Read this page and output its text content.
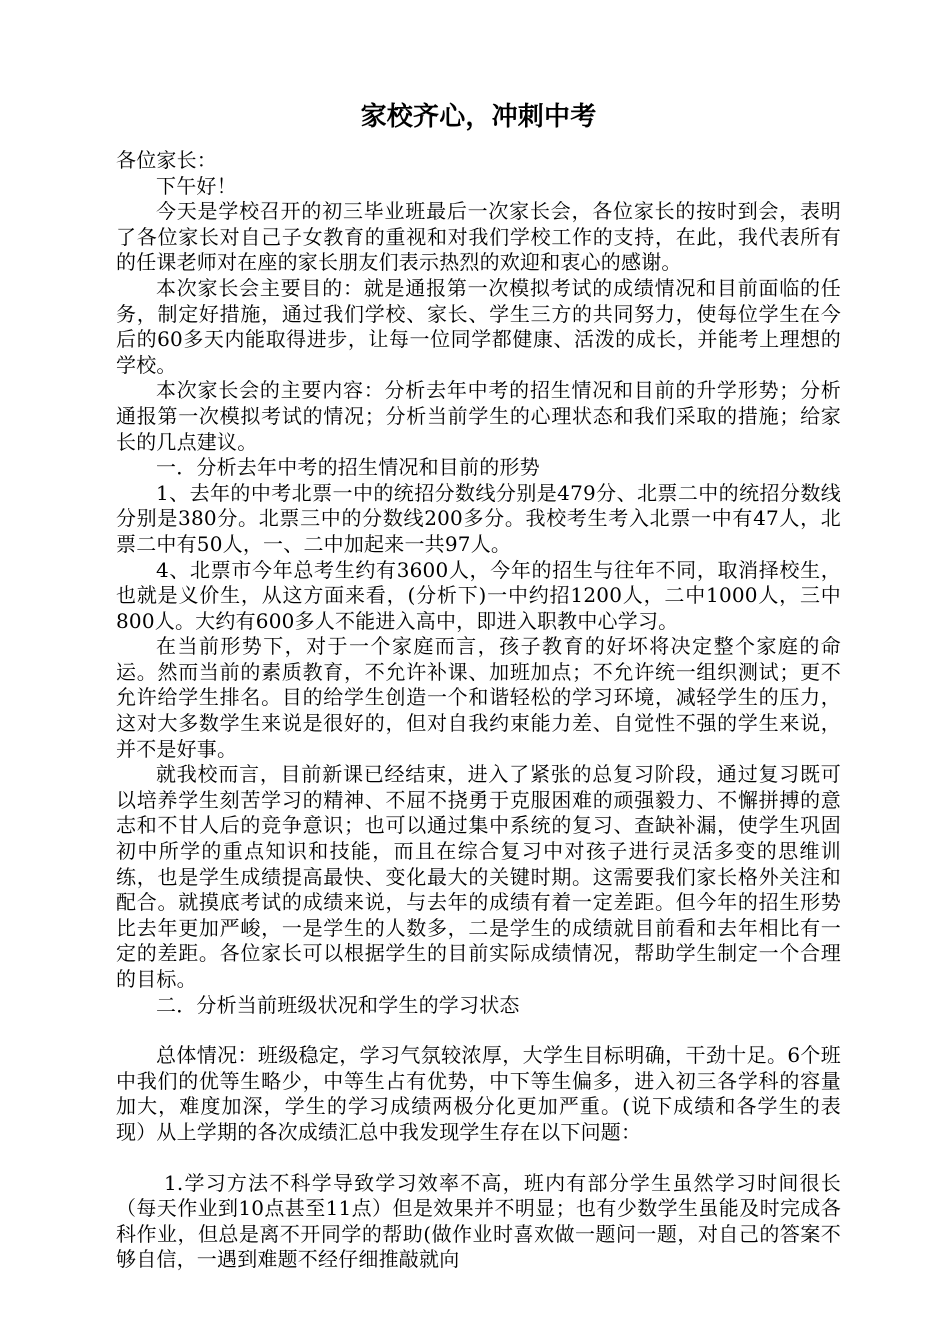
家校齐心，冲刺中考

各位家长：

下午好！

今天是学校召开的初三毕业班最后一次家长会，各位家长的按时到会，表明了各位家长对自己子女教育的重视和对我们学校工作的支持，在此，我代表所有的任课老师对在座的家长朋友们表示热烈的欢迎和衷心的感谢。

本次家长会主要目的：就是通报第一次模拟考试的成绩情况和目前面临的任务，制定好措施，通过我们学校、家长、学生三方的共同努力，使每位学生在今后的60多天内能取得进步，让每一位同学都健康、活泼的成长，并能考上理想的学校。

本次家长会的主要内容：分析去年中考的招生情况和目前的升学形势；分析通报第一次模拟考试的情况；分析当前学生的心理状态和我们采取的措施；给家长的几点建议。

一．分析去年中考的招生情况和目前的形势

1、去年的中考北票一中的统招分数线分别是479分、北票二中的统招分数线分别是380分。北票三中的分数线200多分。我校考生考入北票一中有47人，北票二中有50人，一、二中加起来一共97人。

4、北票市今年总考生约有3600人，今年的招生与往年不同，取消择校生，也就是义价生，从这方面来看，(分析下)一中约招1200人，二中1000人，三中800人。大约有600多人不能进入高中，即进入职教中心学习。

在当前形势下，对于一个家庭而言，孩子教育的好坏将决定整个家庭的命运。然而当前的素质教育，不允许补课、加班加点；不允许统一组织测试；更不允许给学生排名。目的给学生创造一个和谐轻松的学习环境，减轻学生的压力，这对大多数学生来说是很好的，但对自我约束能力差、自觉性不强的学生来说，并不是好事。

就我校而言，目前新课已经结束，进入了紧张的总复习阶段，通过复习既可以培养学生刻苦学习的精神、不屈不挠勇于克服困难的顽强毅力、不懈拼搏的意志和不甘人后的竞争意识；也可以通过集中系统的复习、查缺补漏，使学生巩固初中所学的重点知识和技能，而且在综合复习中对孩子进行灵活多变的思维训练，也是学生成绩提高最快、变化最大的关键时期。这需要我们家长格外关注和配合。就摸底考试的成绩来说，与去年的成绩有着一定差距。但今年的招生形势比去年更加严峻，一是学生的人数多，二是学生的成绩就目前看和去年相比有一定的差距。各位家长可以根据学生的目前实际成绩情况，帮助学生制定一个合理的目标。

二．分析当前班级状况和学生的学习状态

总体情况：班级稳定，学习气氛较浓厚，大学生目标明确，干劲十足。6个班中我们的优等生略少，中等生占有优势，中下等生偏多，进入初三各学科的容量加大，难度加深，学生的学习成绩两极分化更加严重。(说下成绩和各学生的表现）从上学期的各次成绩汇总中我发现学生存在以下问题：

1.学习方法不科学导致学习效率不高，班内有部分学生虽然学习时间很长（每天作业到10点甚至11点）但是效果并不明显；也有少数学生虽能及时完成各科作业，但总是离不开同学的帮助(做作业时喜欢做一题问一题，对自己的答案不够自信，一遇到难题不经仔细推敲就向
